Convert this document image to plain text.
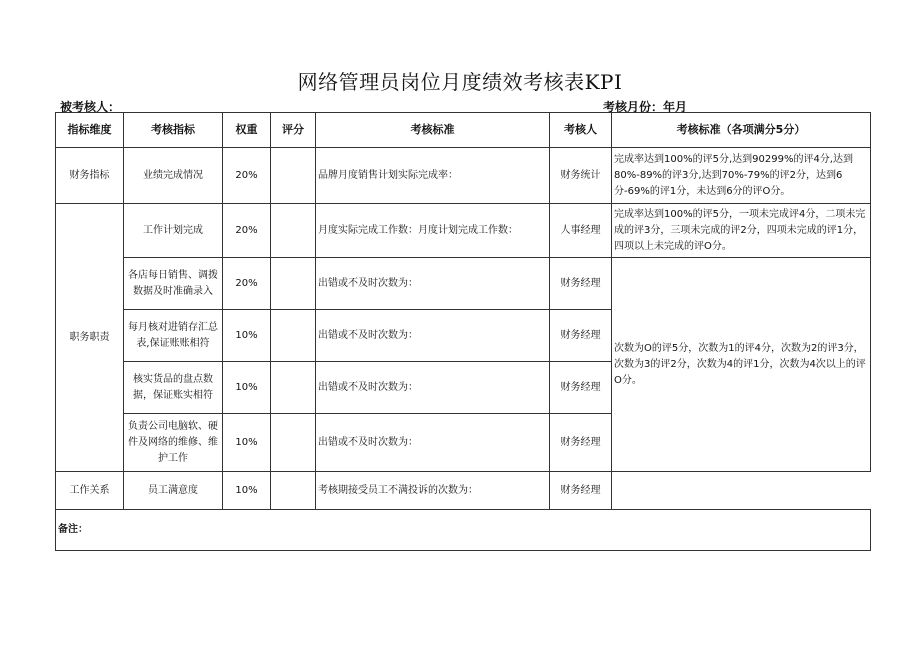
网络管理员岗位月度绩效考核表KPI
被考核人：	考核月份：年月
指标维度	考核指标	权重	评分	考核标准	考核人	考核标准（各项满分5分）
财务指标	业绩完成情况	20%		品牌月度销售计划实际完成率：	财务统计	完成率达到100%的评5分,达到90299%的评4分,达到80%-89%的评3分,达到70%-79%的评2分，达到6分-69%的评1分，未达到6分的评O分。
职务职责	工作计划完成	20%		月度实际完成工作数：月度计划完成工作数：	人事经理	完成率达到100%的评5分，一项未完成评4分，二项未完成的评3分，三项未完成的评2分，四项未完成的评1分，四项以上未完成的评O分。
	各店每日销售、调拨数据及时准确录入	20%		出错或不及时次数为：	财务经理	次数为O的评5分，次数为1的评4分，次数为2的评3分，次数为3的评2分，次数为4的评1分，次数为4次以上的评O分。
	每月核对进销存汇总表,保证账账相符	10%		出错或不及时次数为：	财务经理	
	核实货品的盘点数据，保证账实相符	10%		出错或不及时次数为：	财务经理	
	负责公司电脑软、硬件及网络的维修、维护工作	10%		出错或不及时次数为：	财务经理	
工作关系	员工满意度	10%		考核期接受员工不满投诉的次数为：	财务经理	
备注：						
